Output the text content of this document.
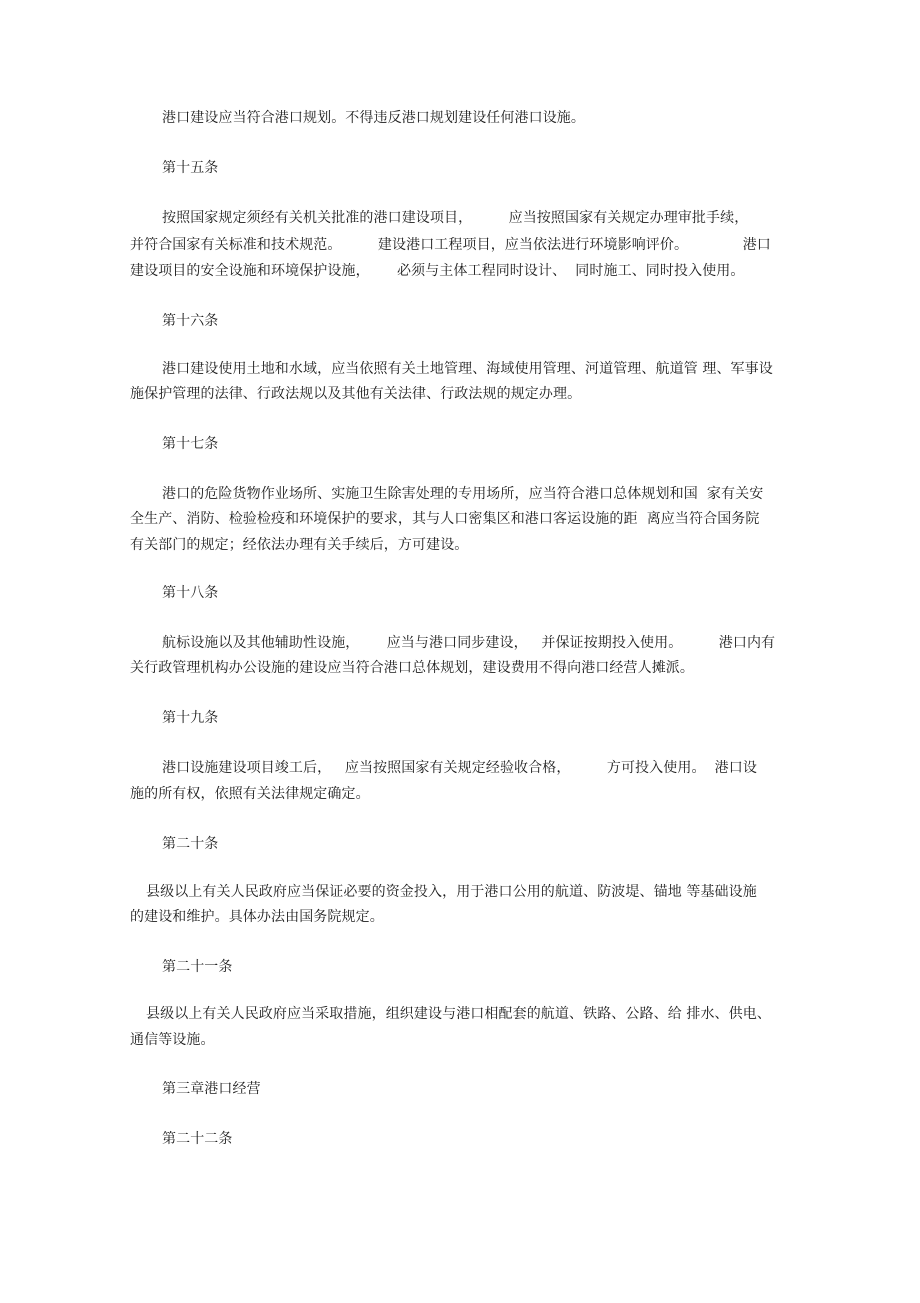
港口建设应当符合港口规划。不得违反港口规划建设任何港口设施。
第十五条
按照国家规定须经有关机关批准的港口建设项目，        应当按照国家有关规定办理审批手续，
并符合国家有关标准和技术规范。        建设港口工程项目，应当依法进行环境影响评价。            港口
建设项目的安全设施和环境保护设施，      必须与主体工程同时设计、  同时施工、同时投入使用。
第十六条
港口建设使用土地和水域，应当依照有关土地管理、海域使用管理、河道管理、航道管 理、军事设
施保护管理的法律、行政法规以及其他有关法律、行政法规的规定办理。
第十七条
港口的危险货物作业场所、实施卫生除害处理的专用场所，应当符合港口总体规划和国  家有关安
全生产、消防、检验检疫和环境保护的要求，其与人口密集区和港口客运设施的距  离应当符合国务院
有关部门的规定；经依法办理有关手续后，方可建设。
第十八条
航标设施以及其他辅助性设施，      应当与港口同步建设，   并保证按期投入使用。        港口内有
关行政管理机构办公设施的建设应当符合港口总体规划，建设费用不得向港口经营人摊派。
第十九条
港口设施建设项目竣工后，   应当按照国家有关规定经验收合格，        方可投入使用。  港口设
施的所有权，依照有关法律规定确定。
第二十条
县级以上有关人民政府应当保证必要的资金投入，用于港口公用的航道、防波堤、锚地 等基础设施
的建设和维护。具体办法由国务院规定。
第二十一条
县级以上有关人民政府应当采取措施，组织建设与港口相配套的航道、铁路、公路、给 排水、供电、
通信等设施。
第三章港口经营
第二十二条
